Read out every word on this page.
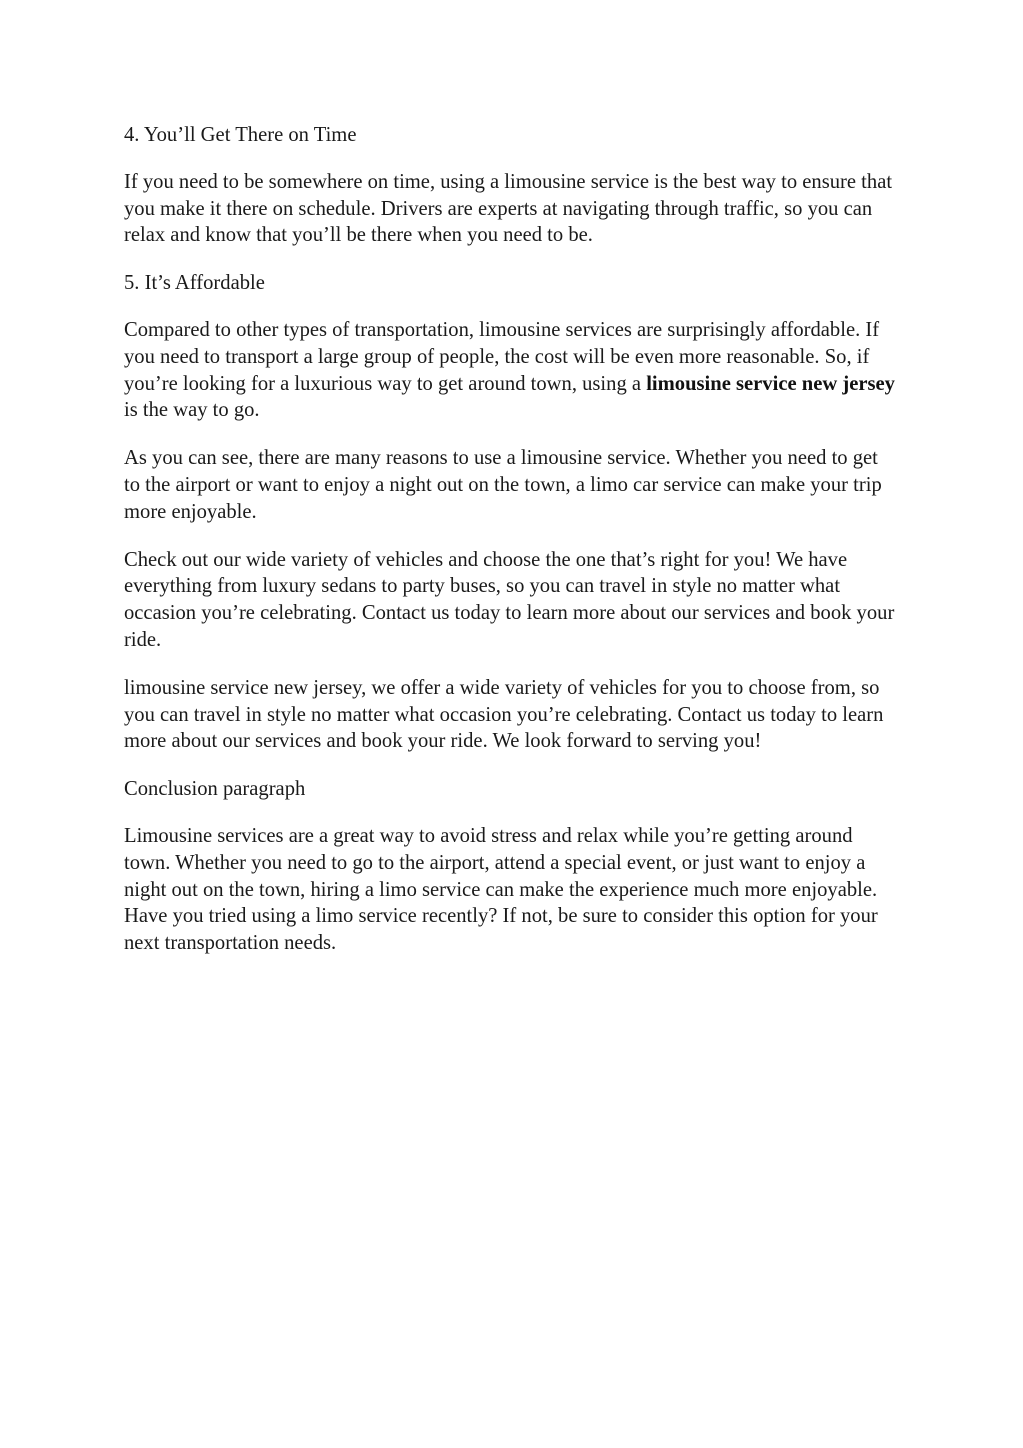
4. You’ll Get There on Time

If you need to be somewhere on time, using a limousine service is the best way to ensure that you make it there on schedule. Drivers are experts at navigating through traffic, so you can relax and know that you’ll be there when you need to be.

5. It’s Affordable

Compared to other types of transportation, limousine services are surprisingly affordable. If you need to transport a large group of people, the cost will be even more reasonable. So, if you’re looking for a luxurious way to get around town, using a limousine service new jersey is the way to go.

As you can see, there are many reasons to use a limousine service. Whether you need to get to the airport or want to enjoy a night out on the town, a limo car service can make your trip more enjoyable.

Check out our wide variety of vehicles and choose the one that’s right for you! We have everything from luxury sedans to party buses, so you can travel in style no matter what occasion you’re celebrating. Contact us today to learn more about our services and book your ride.

limousine service new jersey, we offer a wide variety of vehicles for you to choose from, so you can travel in style no matter what occasion you’re celebrating. Contact us today to learn more about our services and book your ride. We look forward to serving you!

Conclusion paragraph

Limousine services are a great way to avoid stress and relax while you’re getting around town. Whether you need to go to the airport, attend a special event, or just want to enjoy a night out on the town, hiring a limo service can make the experience much more enjoyable. Have you tried using a limo service recently? If not, be sure to consider this option for your next transportation needs.
